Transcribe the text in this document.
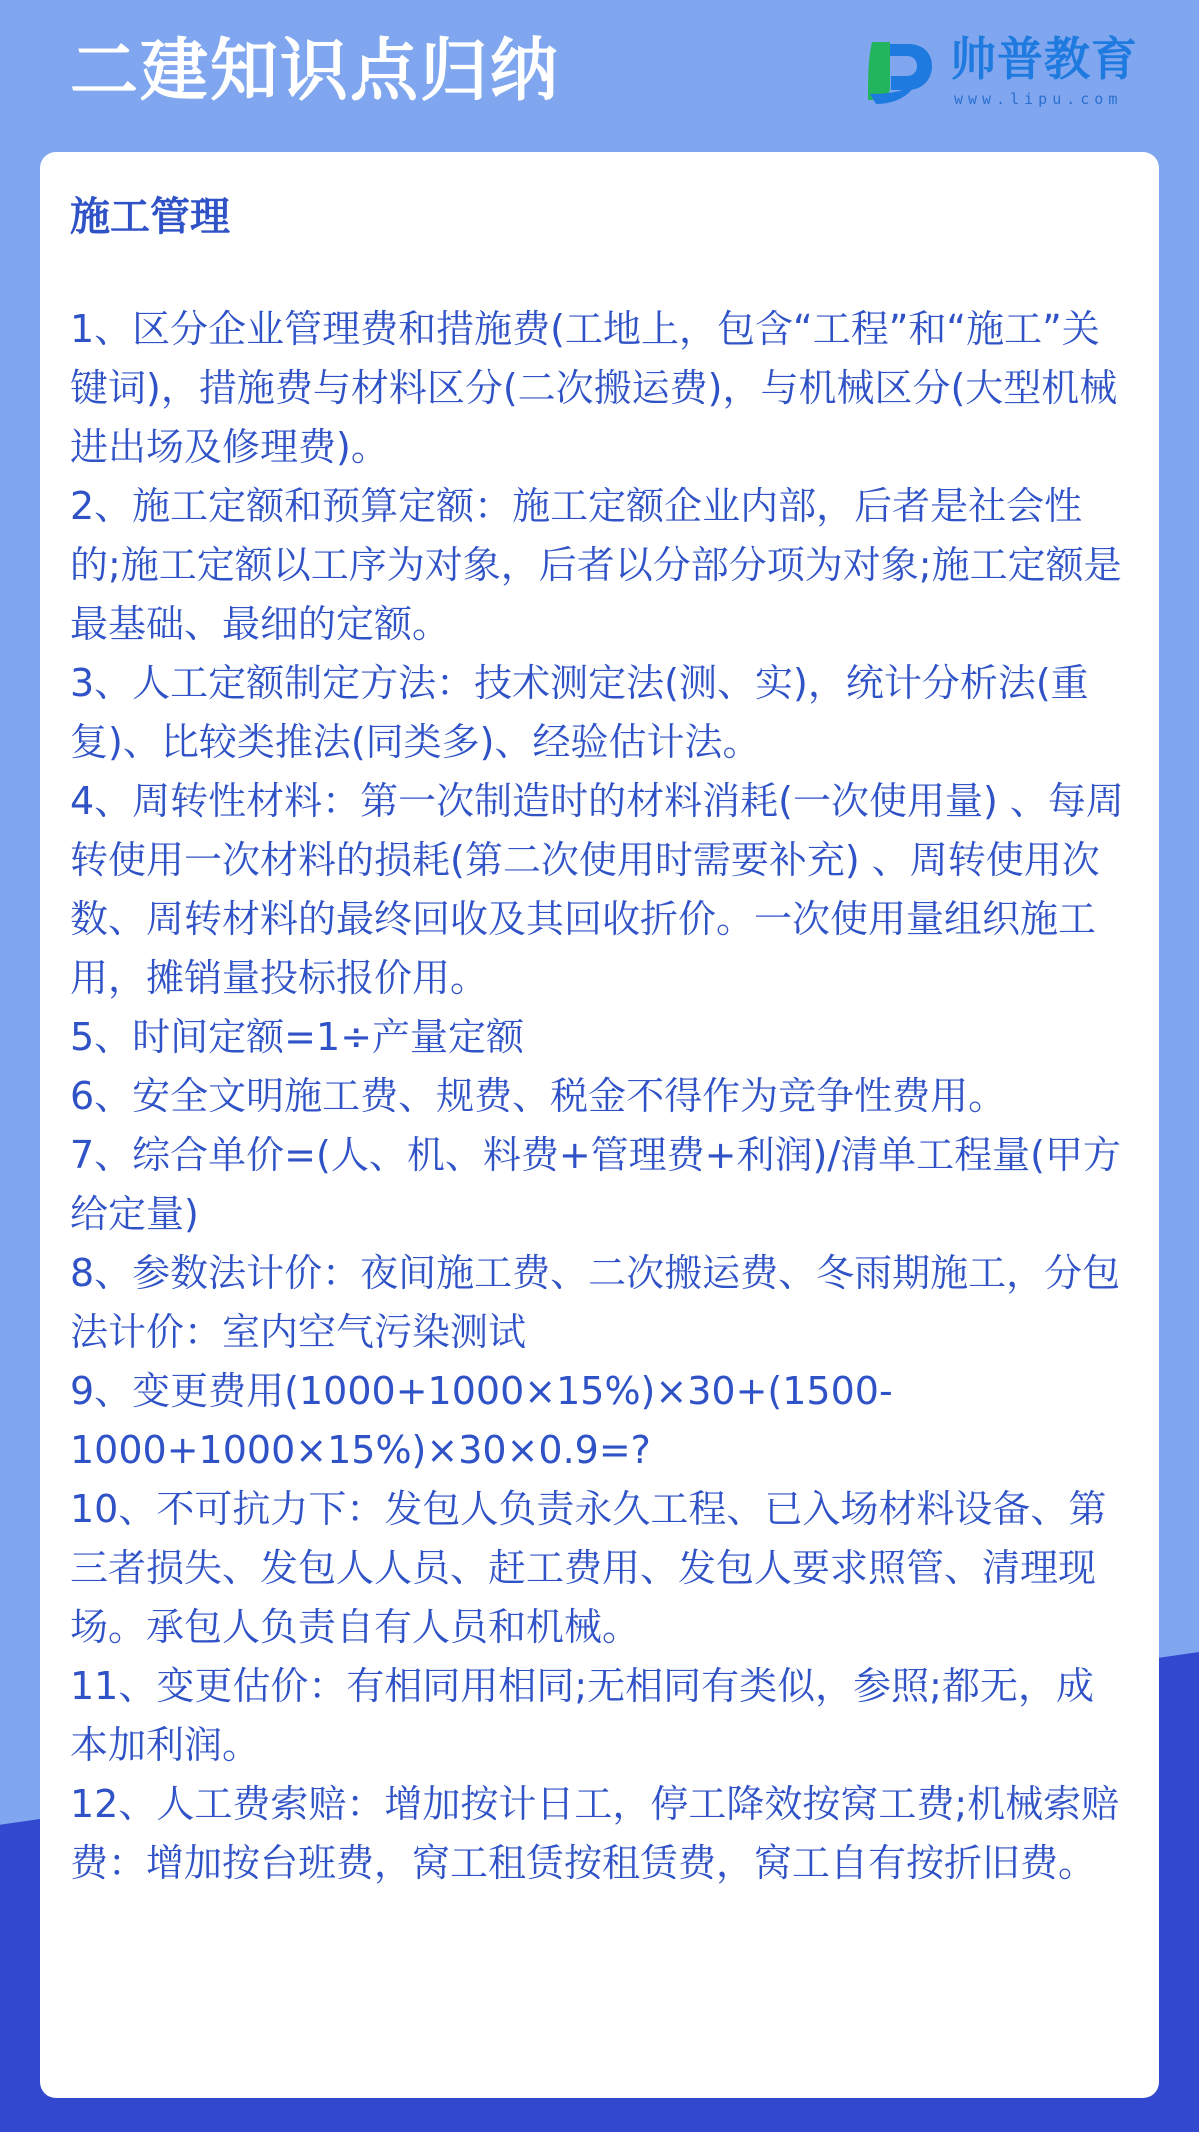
二建知识点归纳	帅普教育
www.lipu.com
施工管理
1、区分企业管理费和措施费(工地上，包含“工程”和“施工”关键词)，措施费与材料区分(二次搬运费)，与机械区分(大型机械进出场及修理费)。
2、施工定额和预算定额：施工定额企业内部，后者是社会性的;施工定额以工序为对象，后者以分部分项为对象;施工定额是最基础、最细的定额。
3、人工定额制定方法：技术测定法(测、实)，统计分析法(重复)、比较类推法(同类多)、经验估计法。
4、周转性材料：第一次制造时的材料消耗(一次使用量) 、每周转使用一次材料的损耗(第二次使用时需要补充) 、周转使用次数、周转材料的最终回收及其回收折价。一次使用量组织施工用，摊销量投标报价用。
5、时间定额=1÷产量定额
6、安全文明施工费、规费、税金不得作为竞争性费用。
7、综合单价=(人、机、料费+管理费+利润)/清单工程量(甲方给定量)
8、参数法计价：夜间施工费、二次搬运费、冬雨期施工，分包法计价：室内空气污染测试
9、变更费用(1000+1000×15%)×30+(1500-1000+1000×15%)×30×0.9=?
10、不可抗力下：发包人负责永久工程、已入场材料设备、第三者损失、发包人人员、赶工费用、发包人要求照管、清理现场。承包人负责自有人员和机械。
11、变更估价：有相同用相同;无相同有类似，参照;都无，成本加利润。
12、人工费索赔：增加按计日工，停工降效按窝工费;机械索赔费：增加按台班费，窝工租赁按租赁费，窝工自有按折旧费。
